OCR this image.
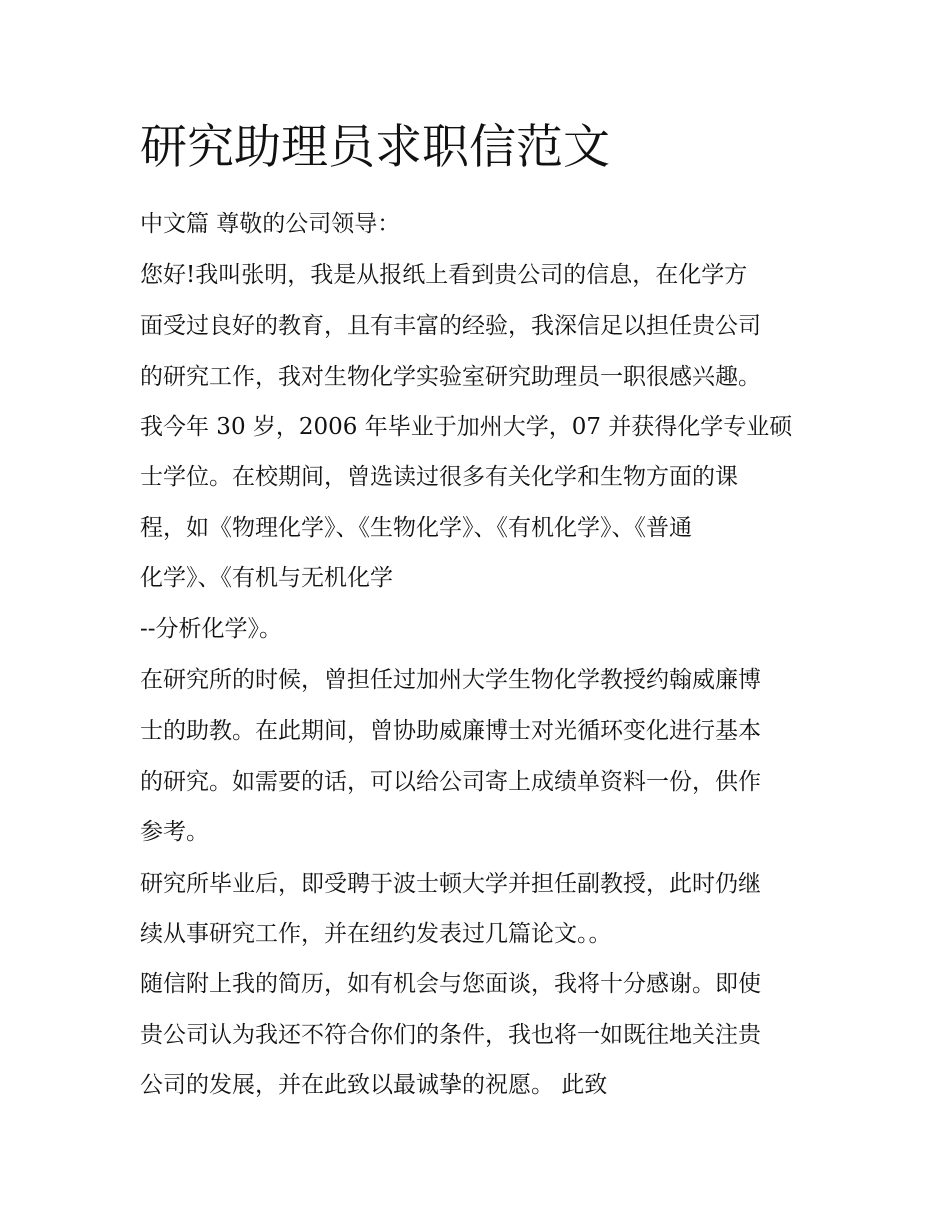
研究助理员求职信范文
中文篇 尊敬的公司领导：
您好!我叫张明，我是从报纸上看到贵公司的信息，在化学方
面受过良好的教育，且有丰富的经验，我深信足以担任贵公司
的研究工作，我对生物化学实验室研究助理员一职很感兴趣。
我今年 30 岁，2006 年毕业于加州大学，07 并获得化学专业硕
士学位。在校期间，曾选读过很多有关化学和生物方面的课
程，如《物理化学》、《生物化学》、《有机化学》、《普通
化学》、《有机与无机化学
--分析化学》。
在研究所的时候，曾担任过加州大学生物化学教授约翰威廉博
士的助教。在此期间，曾协助威廉博士对光循环变化进行基本
的研究。如需要的话，可以给公司寄上成绩单资料一份，供作
参考。
研究所毕业后，即受聘于波士顿大学并担任副教授，此时仍继
续从事研究工作，并在纽约发表过几篇论文。。
随信附上我的简历，如有机会与您面谈，我将十分感谢。即使
贵公司认为我还不符合你们的条件，我也将一如既往地关注贵
公司的发展，并在此致以最诚挚的祝愿。 此致
